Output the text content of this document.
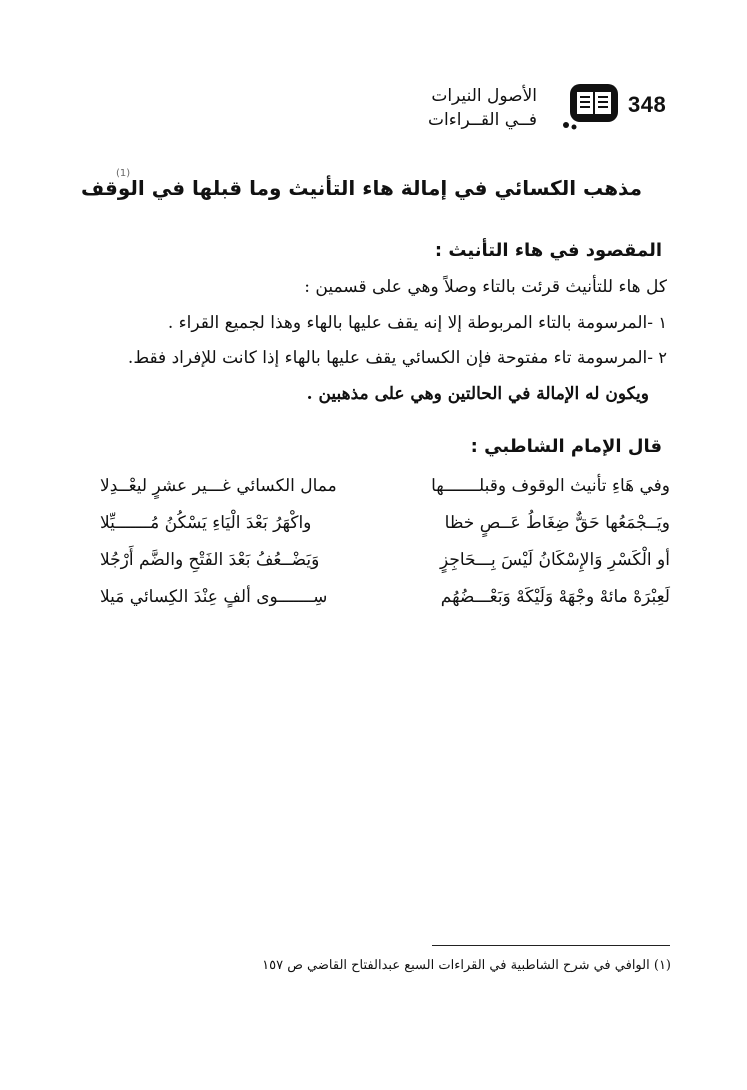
348
الأصول النيرات
فــي القــراءات
مذهب الكسائي في إمالة هاء التأنيث وما قبلها في الوقف
(1)
المقصود في هاء التأنيث :
كل هاء للتأنيث قرئت بالتاء وصلاً وهي على قسمين :
١ -المرسومة بالتاء المربوطة إلا إنه يقف عليها بالهاء وهذا لجميع القراء .
٢ -المرسومة تاء مفتوحة فإن الكسائي يقف عليها بالهاء إذا كانت للإفراد فقط.
ويكون له الإمالة في الحالتين وهي على مذهبين .
قال الإمام الشاطبي :
وفي هَاءِ تأنيث الوقوف وقبلـــــــها
ممال الكسائي غـــير عشرٍ ليعْــدِلا
ويَــجْمَعُها حَقٌّ ضِغَاطُ عَــصٍ خظا
واكْهَرُ بَعْدَ الْيَاءِ يَسْكُنُ مُـــــــيِّلا
أو الْكَسْرِ وَالإِسْكَانُ لَيْسَ بِـــحَاجِزٍ
وَيَضْــعُفُ بَعْدَ الفَتْحِ والضَّم أَرْجُلا
لَعِبْرَهْ مائهْ وجْهَهْ وَلَيْكَهْ وَبَعْـــضُهُم
سِـــــــوى ألفٍ عِنْدَ الكِسائي مَيلا
(١) الوافي في شرح الشاطبية في القراءات السبع عبدالفتاح القاضي ص ١٥٧
